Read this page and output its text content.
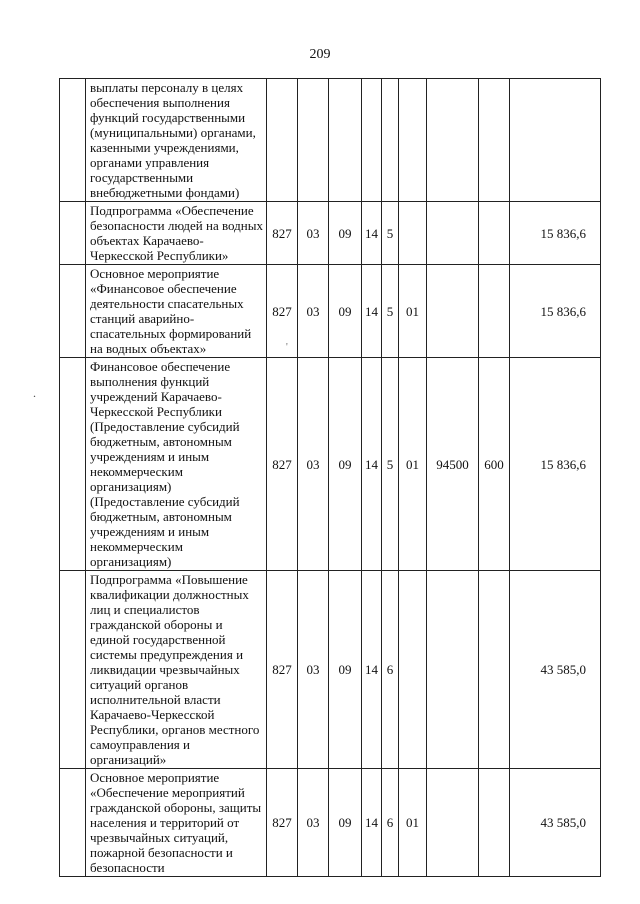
209
.
'
	выплаты персоналу в целях обеспечения выполнения функций государственными (муниципальными) органами, казенными учреждениями, органами управления государственными внебюджетными фондами)									
	Подпрограмма «Обеспечение безопасности людей на водных объектах Карачаево-Черкесской Республики»	827	03	09	14	5				15 836,6
	Основное мероприятие «Финансовое обеспечение деятельности спасательных станций аварийно-спасательных формирований на водных объектах»	827	03	09	14	5	01			15 836,6
	Финансовое обеспечение выполнения функций учреждений Карачаево-Черкесской Республики (Предоставление субсидий бюджетным, автономным учреждениям и иным некоммерческим организациям) (Предоставление субсидий бюджетным, автономным учреждениям и иным некоммерческим организациям)	827	03	09	14	5	01	94500	600	15 836,6
	Подпрограмма «Повышение квалификации должностных лиц и специалистов гражданской обороны и единой государственной системы предупреждения и ликвидации чрезвычайных ситуаций органов исполнительной власти Карачаево-Черкесской Республики, органов местного самоуправления и организаций»	827	03	09	14	6				43 585,0
	Основное мероприятие «Обеспечение мероприятий гражданской обороны, защиты населения и территорий от чрезвычайных ситуаций, пожарной безопасности и безопасности	827	03	09	14	6	01			43 585,0
